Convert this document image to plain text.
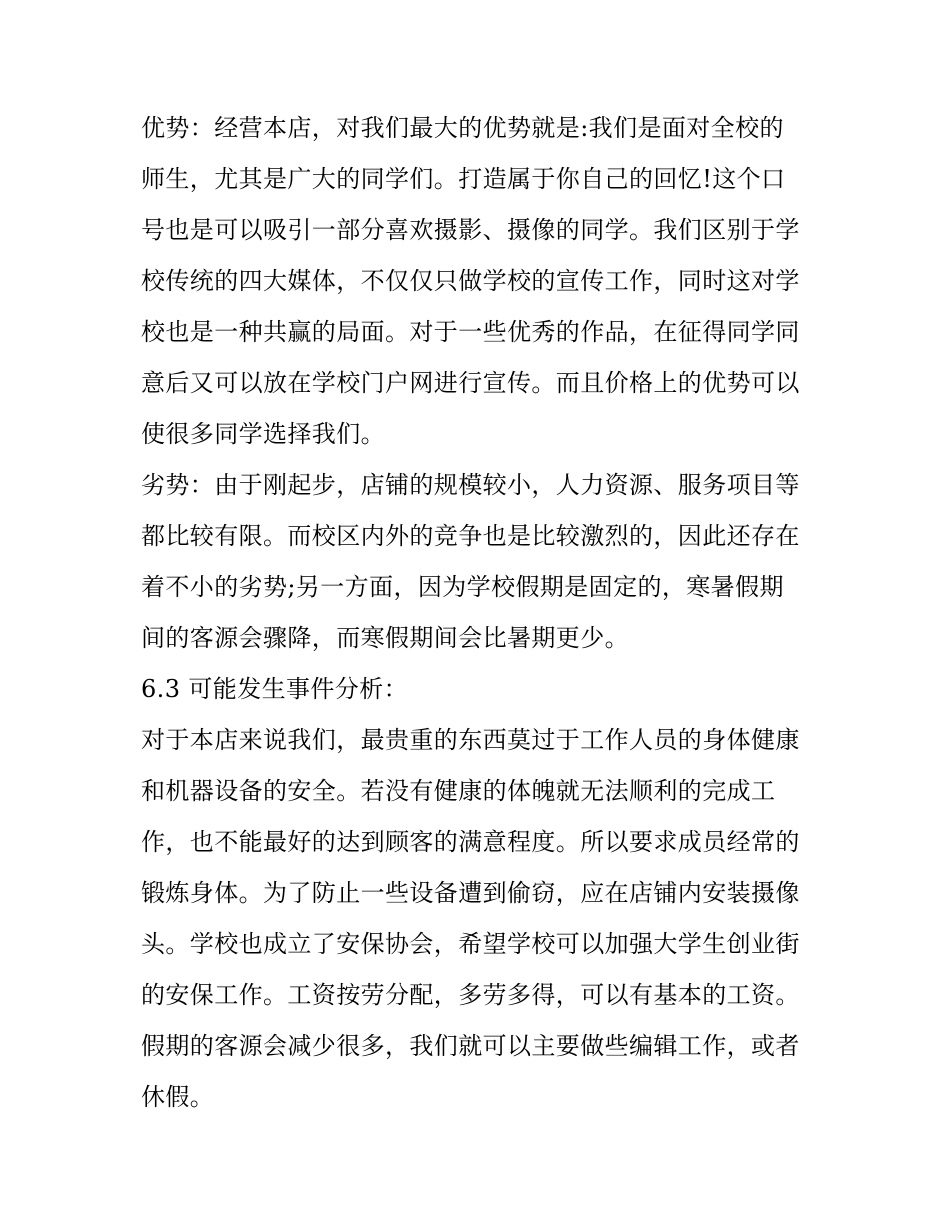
优势：经营本店，对我们最大的优势就是:我们是面对全校的
师生，尤其是广大的同学们。打造属于你自己的回忆!这个口
号也是可以吸引一部分喜欢摄影、摄像的同学。我们区别于学
校传统的四大媒体，不仅仅只做学校的宣传工作，同时这对学
校也是一种共赢的局面。对于一些优秀的作品，在征得同学同
意后又可以放在学校门户网进行宣传。而且价格上的优势可以
使很多同学选择我们。
劣势：由于刚起步，店铺的规模较小，人力资源、服务项目等
都比较有限。而校区内外的竞争也是比较激烈的，因此还存在
着不小的劣势;另一方面，因为学校假期是固定的，寒暑假期
间的客源会骤降，而寒假期间会比暑期更少。
6.3 可能发生事件分析：
对于本店来说我们，最贵重的东西莫过于工作人员的身体健康
和机器设备的安全。若没有健康的体魄就无法顺利的完成工
作，也不能最好的达到顾客的满意程度。所以要求成员经常的
锻炼身体。为了防止一些设备遭到偷窃，应在店铺内安装摄像
头。学校也成立了安保协会，希望学校可以加强大学生创业街
的安保工作。工资按劳分配，多劳多得，可以有基本的工资。
假期的客源会减少很多，我们就可以主要做些编辑工作，或者
休假。
